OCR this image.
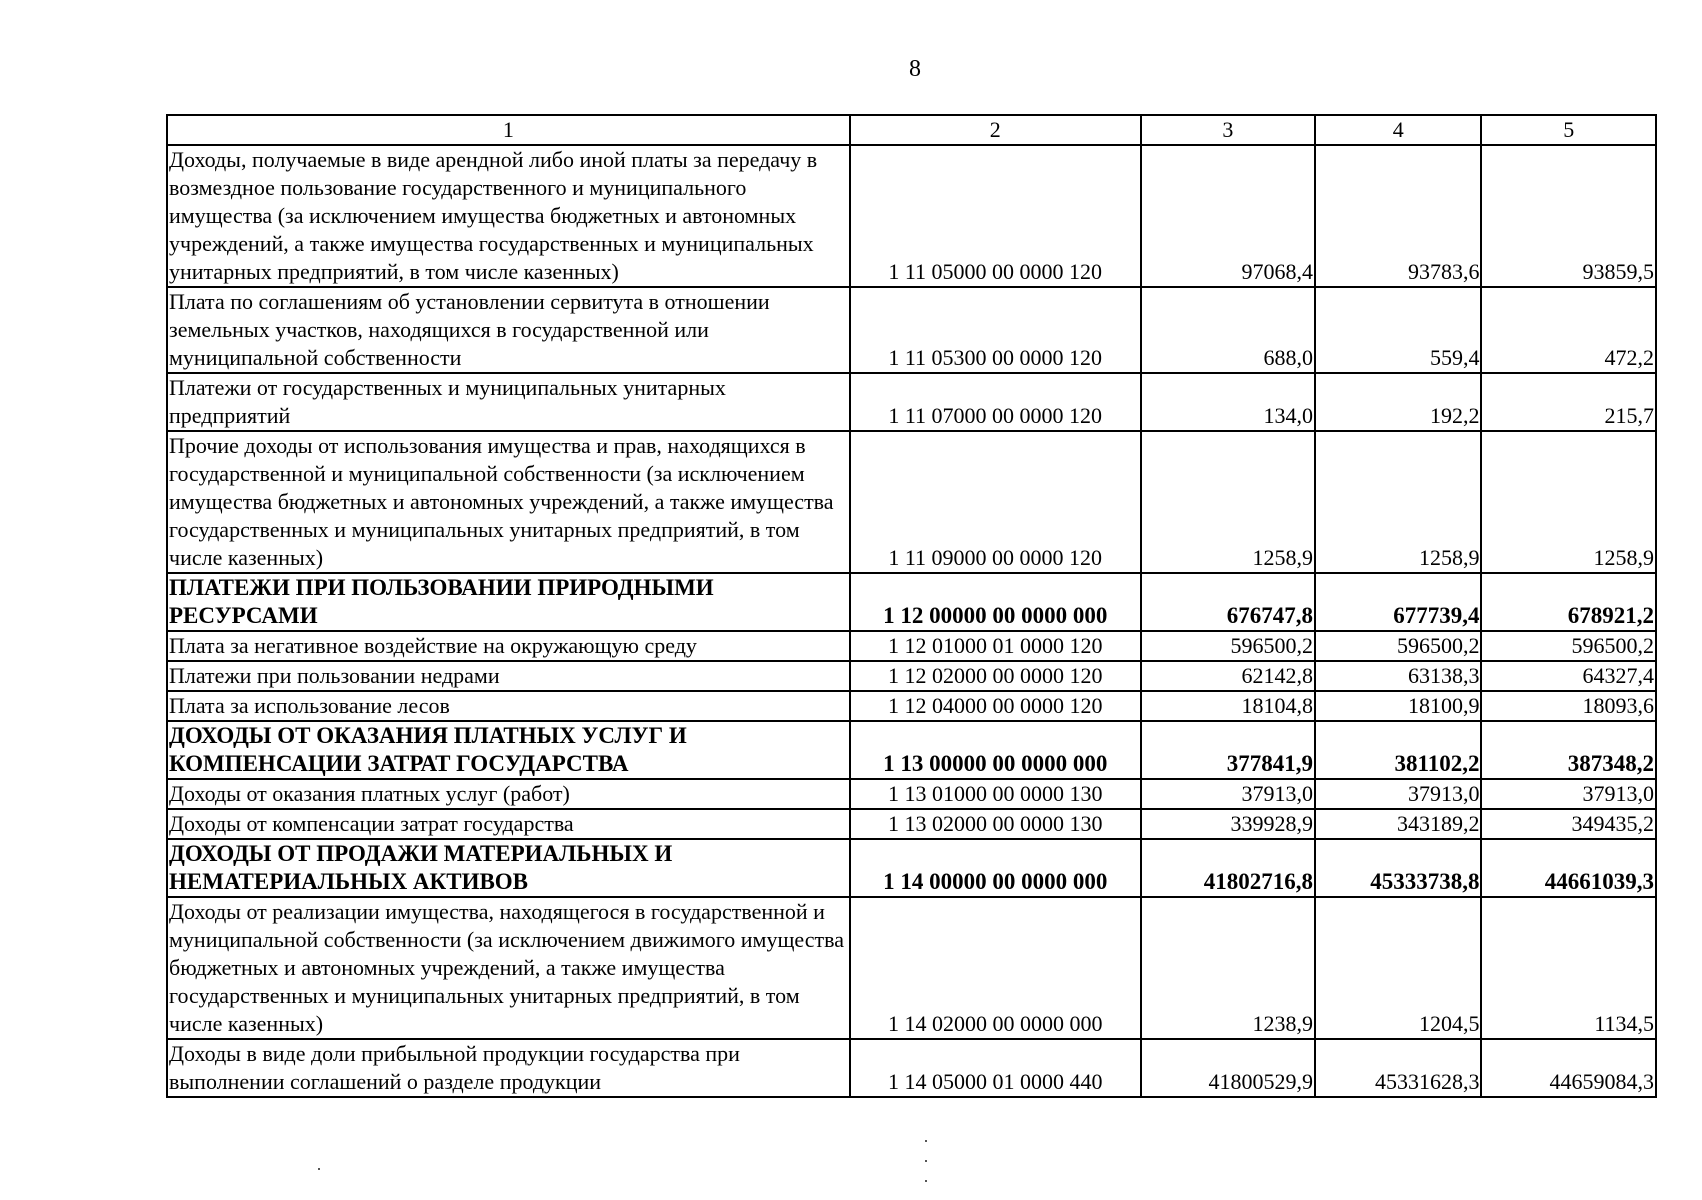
8
1	2	3	4	5
Доходы, получаемые в виде арендной либо иной платы за передачу в возмездное пользование государственного и муниципального имущества (за исключением имущества бюджетных и автономных учреждений, а также имущества государственных и муниципальных унитарных предприятий, в том числе казенных)	1 11 05000 00 0000 120	97068,4	93783,6	93859,5
Плата по соглашениям об установлении сервитута в отношении земельных участков, находящихся в государственной или муниципальной собственности	1 11 05300 00 0000 120	688,0	559,4	472,2
Платежи от государственных и муниципальных унитарных предприятий	1 11 07000 00 0000 120	134,0	192,2	215,7
Прочие доходы от использования имущества и прав, находящихся в государственной и муниципальной собственности (за исключением имущества бюджетных и автономных учреждений, а также имущества государственных и муниципальных унитарных предприятий, в том числе казенных)	1 11 09000 00 0000 120	1258,9	1258,9	1258,9
ПЛАТЕЖИ ПРИ ПОЛЬЗОВАНИИ ПРИРОДНЫМИ РЕСУРСАМИ	1 12 00000 00 0000 000	676747,8	677739,4	678921,2
Плата за негативное воздействие на окружающую среду	1 12 01000 01 0000 120	596500,2	596500,2	596500,2
Платежи при пользовании недрами	1 12 02000 00 0000 120	62142,8	63138,3	64327,4
Плата за использование лесов	1 12 04000 00 0000 120	18104,8	18100,9	18093,6
ДОХОДЫ ОТ ОКАЗАНИЯ ПЛАТНЫХ УСЛУГ И КОМПЕНСАЦИИ ЗАТРАТ ГОСУДАРСТВА	1 13 00000 00 0000 000	377841,9	381102,2	387348,2
Доходы от оказания платных услуг (работ)	1 13 01000 00 0000 130	37913,0	37913,0	37913,0
Доходы от компенсации затрат государства	1 13 02000 00 0000 130	339928,9	343189,2	349435,2
ДОХОДЫ ОТ ПРОДАЖИ МАТЕРИАЛЬНЫХ И НЕМАТЕРИАЛЬНЫХ АКТИВОВ	1 14 00000 00 0000 000	41802716,8	45333738,8	44661039,3
Доходы от реализации имущества, находящегося в государственной и муниципальной собственности (за исключением движимого имущества бюджетных и автономных учреждений, а также имущества государственных и муниципальных унитарных предприятий, в том числе казенных)	1 14 02000 00 0000 000	1238,9	1204,5	1134,5
Доходы в виде доли прибыльной продукции государства при выполнении соглашений о разделе продукции	1 14 05000 01 0000 440	41800529,9	45331628,3	44659084,3
